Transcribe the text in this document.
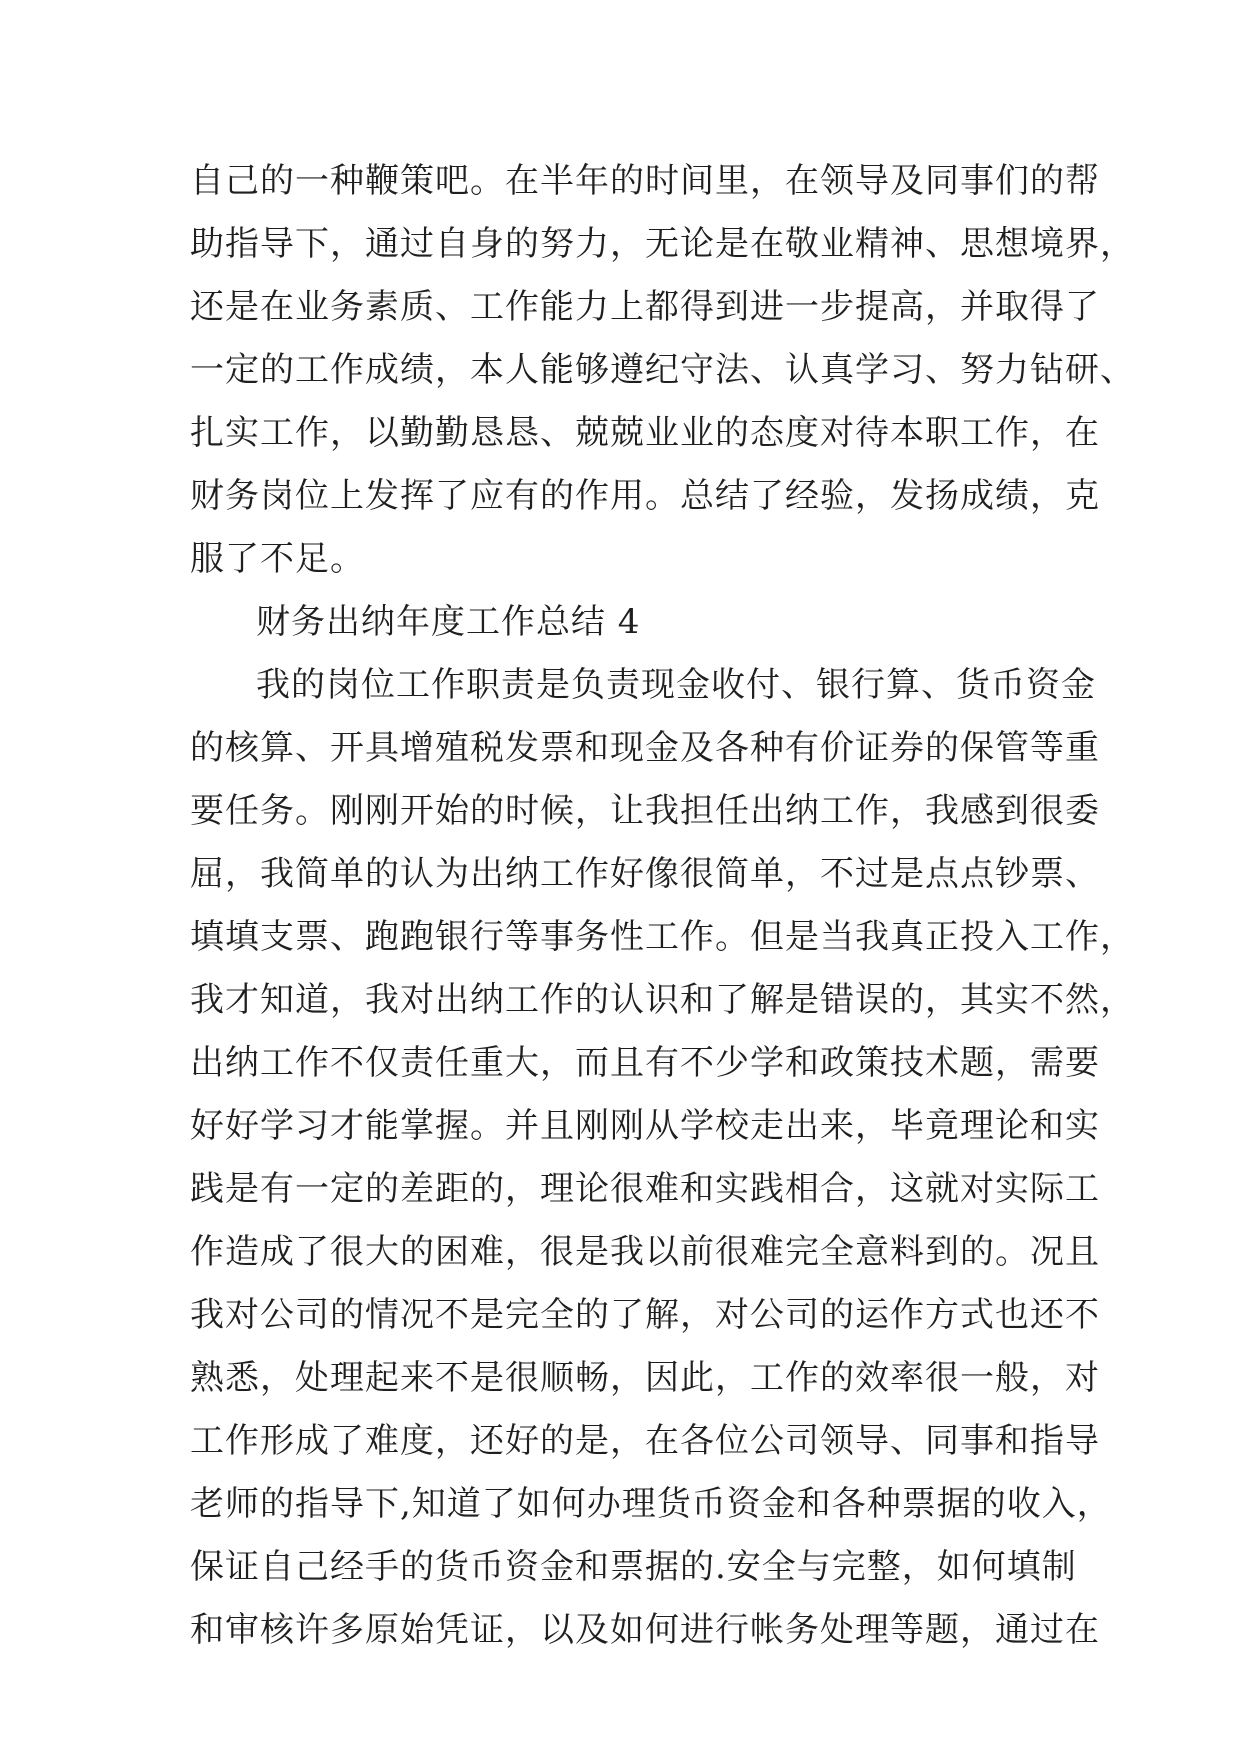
自己的一种鞭策吧。在半年的时间里，在领导及同事们的帮
助指导下，通过自身的努力，无论是在敬业精神、思想境界，
还是在业务素质、工作能力上都得到进一步提高，并取得了
一定的工作成绩，本人能够遵纪守法、认真学习、努力钻研、
扎实工作，以勤勤恳恳、兢兢业业的态度对待本职工作，在
财务岗位上发挥了应有的作用。总结了经验，发扬成绩，克
服了不足。
财务出纳年度工作总结 4
我的岗位工作职责是负责现金收付、银行算、货币资金
的核算、开具增殖税发票和现金及各种有价证券的保管等重
要任务。刚刚开始的时候，让我担任出纳工作，我感到很委
屈，我简单的认为出纳工作好像很简单，不过是点点钞票、
填填支票、跑跑银行等事务性工作。但是当我真正投入工作，
我才知道，我对出纳工作的认识和了解是错误的，其实不然，
出纳工作不仅责任重大，而且有不少学和政策技术题，需要
好好学习才能掌握。并且刚刚从学校走出来，毕竟理论和实
践是有一定的差距的，理论很难和实践相合，这就对实际工
作造成了很大的困难，很是我以前很难完全意料到的。况且
我对公司的情况不是完全的了解，对公司的运作方式也还不
熟悉，处理起来不是很顺畅，因此，工作的效率很一般，对
工作形成了难度，还好的是，在各位公司领导、同事和指导
老师的指导下,知道了如何办理货币资金和各种票据的收入，
保证自己经手的货币资金和票据的.安全与完整，如何填制
和审核许多原始凭证，以及如何进行帐务处理等题，通过在
